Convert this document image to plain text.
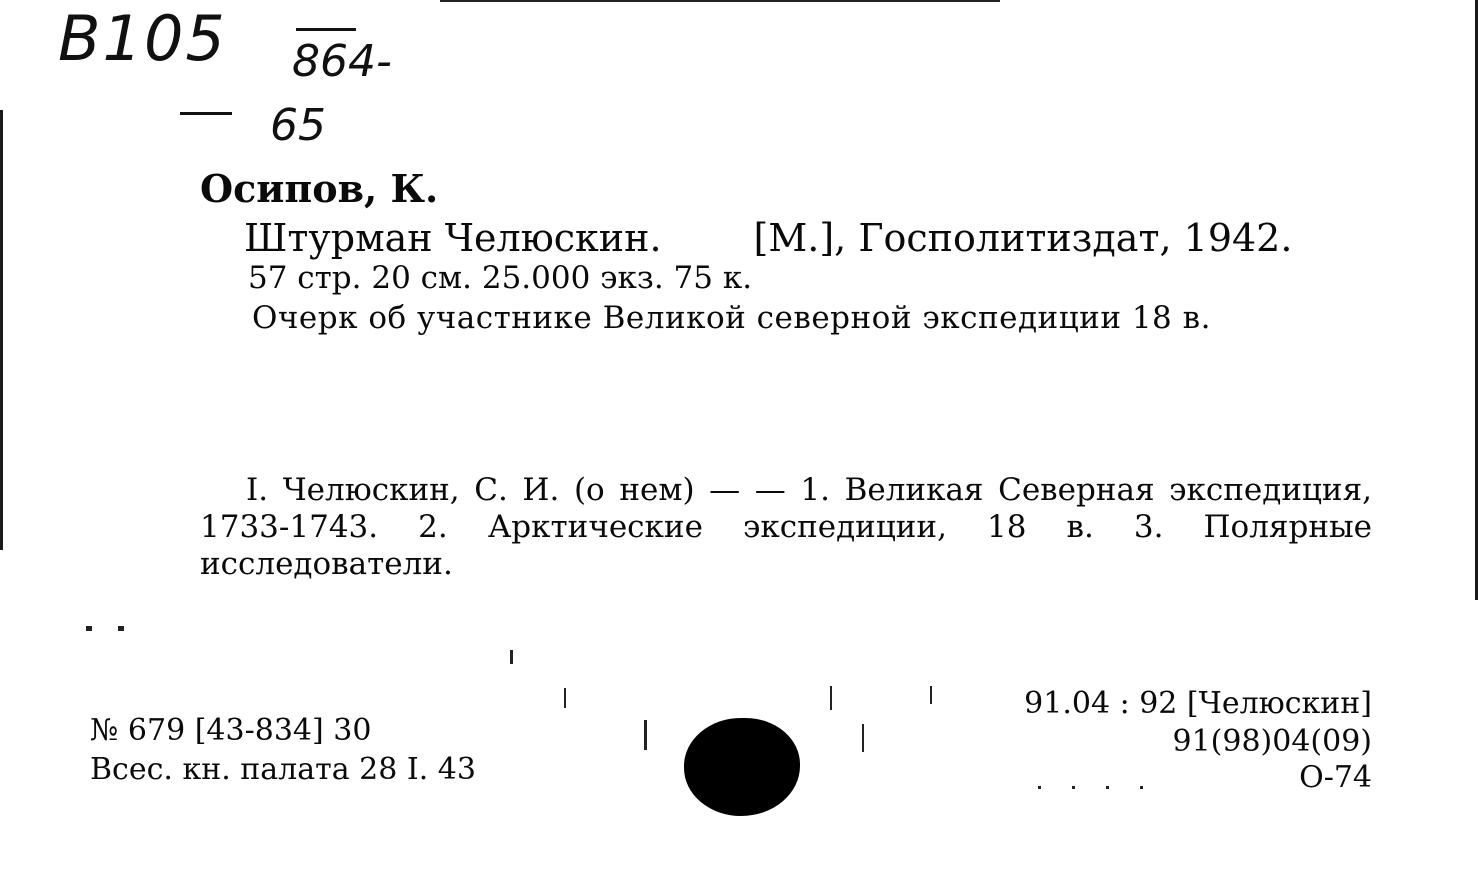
B105 864-
65
Осипов, К.
Штурман Челюскин. [М.], Госполитиздат, 1942.
57 стр. 20 см. 25.000 экз. 75 к.
Очерк об участнике Великой северной экспедиции 18 в.
I. Челюскин, С. И. (о нем) — — 1. Великая Северная экспедиция, 1733-1743. 2. Арктические экспедиции, 18 в. 3. Полярные исследователи.
№ 679 [43-834] 30
Всес. кн. палата 28 I. 43
91.04 : 92 [Челюскин]
91(98)04(09)
О-74
